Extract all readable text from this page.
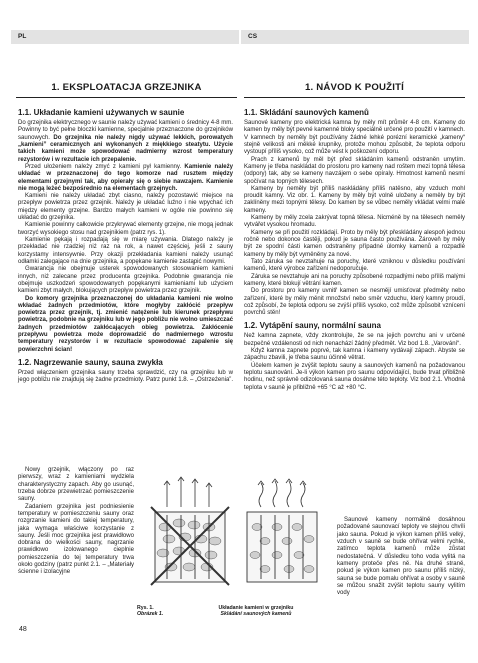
PL	CS
1. EKSPLOATACJA GRZEJNIKA	1. NÁVOD K POUŽITÍ
1.1. Układanie kamieni używanych w saunie

Do grzejnika elektrycznego w saunie należy używać kamieni o średnicy 4-8 mm. Powinny to być pełne bloczki kamienne, specjalnie przeznaczone do grzejników saunowych. Do grzejnika nie należy nigdy używać lekkich, porowatych „kamieni” ceramicznych ani wykonanych z miękkiego steatytu. Użycie takich kamieni może spowodować nadmierny wzrost temperatury rezystorów i w rezultacie ich przepalenie.

Przed ułożeniem należy zmyć z kamieni pył kamienny. Kamienie należy układać w przeznaczonej do tego komorze nad rusztem między elementami grzejnymi tak, aby opierały się o siebie nawzajem. Kamienie nie mogą leżeć bezpośrednio na elementach grzejnych.

Kamieni nie należy układać zbyt ciasno, należy pozostawić miejsce na przepływ powietrza przez grzejnik. Należy je układać luźno i nie wpychać ich między elementy grzejne. Bardzo małych kamieni w ogóle nie powinno się układać do grzejnika.

Kamienie powinny całkowicie przykrywać elementy grzejne, nie mogą jednak tworzyć wysokiego stosu nad grzejnikiem (patrz rys. 1).

Kamienie pękają i rozpadają się w miarę używania. Dlatego należy je przekładać nie rzadziej niż raz na rok, a nawet częściej, jeśli z sauny korzystamy intensywnie. Przy okazji przekładania kamieni należy usunąć odłamki zalegające na dnie grzejnika, a popękane kamienie zastąpić nowymi.

Gwarancja nie obejmuje usterek spowodowanych stosowaniem kamieni innych, niż zalecane przez producenta grzejnika. Podobnie gwarancja nie obejmuje uszkodzeń spowodowanych popękanymi kamieniami lub użyciem kamieni zbyt małych, blokujących przepływ powietrza przez grzejnik.

Do komory grzejnika przeznaczonej do układania kamieni nie wolno wkładać żadnych przedmiotów, które mogłyby zakłócić przepływ powietrza przez grzejnik, tj. zmienić natężenie lub kierunek przepływu powietrza, podobnie na grzejniku lub w jego pobliżu nie wolno umieszczać żadnych przedmiotów zakłócających obieg powietrza. Zakłócenie przepływu powietrza może doprowadzić do nadmiernego wzrostu temperatury rezystorów i w rezultacie spowodować zapalenie się powierzchni ścian!

1.2. Nagrzewanie sauny, sauna zwykła

Przed włączeniem grzejnika sauny trzeba sprawdzić, czy na grzejniku lub w jego pobliżu nie znajdują się żadne przedmioty. Patrz punkt 1.8. – „Ostrzeżenia”.

Nowy grzejnik, włączony po raz pierwszy, wraz z kamieniami wydziela charakterystyczny zapach. Aby go usunąć, trzeba dobrze przewietrzać pomieszczenie sauny.

Zadaniem grzejnika jest podniesienie temperatury w pomieszczeniu sauny oraz rozgrzanie kamieni do takiej temperatury, jaka wymaga właściwe korzystanie z sauny. Jeśli moc grzejnika jest prawidłowo dobrana do wielkości sauny, nagrzanie prawidłowo izolowanego cieplnie pomieszczenia do tej temperatury trwa około godziny (patrz punkt 2.1. – „Materiały ścienne i izolacyjne

1.1. Skládání saunových kamenů

Saunové kameny pro elektrická kamna by měly mít průměr 4-8 cm. Kameny do kamen by měly být pevné kamenné bloky speciálně určené pro použití v kamnech. V kamnech by neměly být používány žádné lehké porézní keramické „kameny“ stejně velikosti ani měkké krupniky, protože mohou způsobit, že teplota odporu vystoupí příliš vysoko, což může vést k poškození odporu.

Prach z kamenů by měl být před skládáním kamenů odstraněn umytím. Kameny je třeba naskládat do prostoru pro kameny nad roštem mezi topná tělesa (odpory) tak, aby se kameny navzájem o sebe opíraly. Hmotnost kamenů nesmí spočívat na topných tělesech.

Kameny by neměly být příliš naskládány příliš natěsno, aby vzduch mohl proudit kamny. Viz obr. 1. Kameny by měly být volně uloženy a neměly by být zaklíněny mezi topnými tělesy. Do kamen by se vůbec neměly vkládat velmi malé kameny.

Kameny by měly zcela zakrývat topná tělesa. Nicméně by na tělesech neměly vytvářet vysokou hromadu.

Kameny se při použití rozkládají. Proto by měly být přeskládány alespoň jednou ročně nebo dokonce častěji, pokud je sauna často používána. Zároveň by měly být ze spodní části kamen odstraněny případné úlomky kamenů a rozpadlé kameny by měly být vyměněny za nové.

Tato záruka se nevztahuje na poruchy, které vzniknou v důsledku používání kamenů, které výrobce zařízení nedoporučuje.

Záruka se nevztahuje ani na poruchy způsobené rozpadlými nebo příliš malými kameny, které blokují větrání kamen.

Do prostoru pro kameny uvnitř kamen se nesmějí umisťovat předměty nebo zařízení, které by měly měnit množství nebo směr vzduchu, který kamny proudí, což způsobí, že teplota odporu se zvýší příliš vysoko, což může způsobit vznícení povrchů stěn!

1.2. Vytápění sauny, normální sauna

Než kamna zapnete, vždy zkontrolujte, že se na jejich povrchu ani v určené bezpečné vzdálenosti od nich nenachází žádný předmět. Viz bod 1.8. „Varování“.

Když kamna zapnete poprvé, tak kamna i kameny vydávají zápach. Abyste se zápachu zbavili, je třeba saunu účinně větrat.

Účelem kamen je zvýšit teplotu sauny a saunových kamenů na požadovanou teplotu saunování. Je-li výkon kamen pro saunu odpovídající, bude trvat přibližně hodinu, než správně odizolovaná sauna dosáhne této teploty. Viz bod 2.1. Vhodná teplota v sauně je přibližně +65 °C až +80 °C.

Saunové kameny normálně dosáhnou požadované saunovací teploty ve stejnou chvíli jako sauna. Pokud je výkon kamen příliš velký, vzduch v sauně se bude ohřívat velmi rychle, zatímco teplota kamenů může zůstat nedostatečná. V důsledku toho voda vylitá na kameny proteče přes ně. Na druhé straně, pokud je výkon kamen pro saunu příliš nízký, sauna se bude pomalu ohřívat a osoby v sauně se můžou snažit zvýšit teplotu sauny vylitím vody

Rys. 1.
Obrázek 1.
Układanie kamieni w grzejniku
Skládání saunových kamenů
48
